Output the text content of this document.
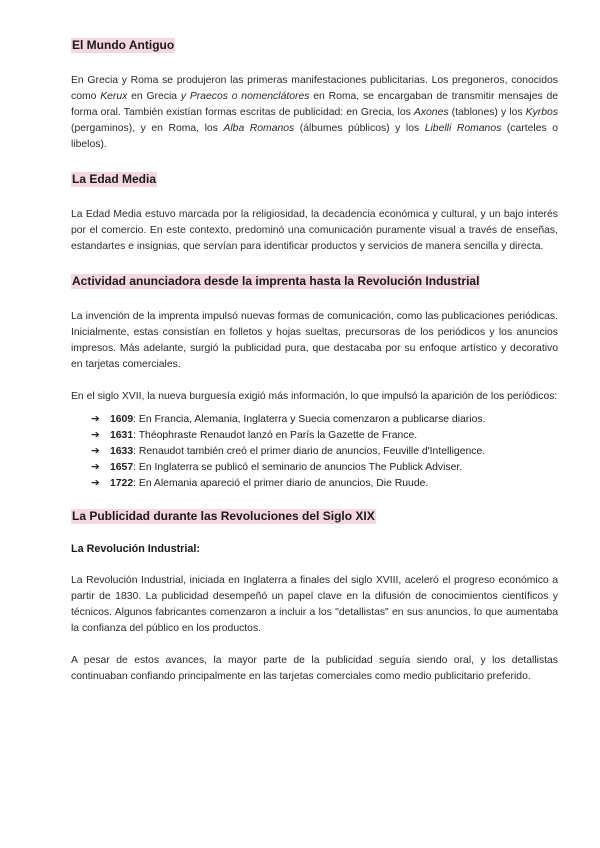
El Mundo Antiguo

En Grecia y Roma se produjeron las primeras manifestaciones publicitarias. Los pregoneros, conocidos como Kerux en Grecia y Praecos o nomenclátores en Roma, se encargaban de transmitir mensajes de forma oral. También existían formas escritas de publicidad: en Grecia, los Axones (tablones) y los Kyrbos (pergaminos), y en Roma, los Alba Romanos (álbumes públicos) y los Libelli Romanos (carteles o libelos).

La Edad Media

La Edad Media estuvo marcada por la religiosidad, la decadencia económica y cultural, y un bajo interés por el comercio. En este contexto, predominó una comunicación puramente visual a través de enseñas, estandartes e insignias, que servían para identificar productos y servicios de manera sencilla y directa.

Actividad anunciadora desde la imprenta hasta la Revolución Industrial

La invención de la imprenta impulsó nuevas formas de comunicación, como las publicaciones periódicas. Inicialmente, estas consistían en folletos y hojas sueltas, precursoras de los periódicos y los anuncios impresos. Más adelante, surgió la publicidad pura, que destacaba por su enfoque artístico y decorativo en tarjetas comerciales.

En el siglo XVII, la nueva burguesía exigió más información, lo que impulsó la aparición de los periódicos:

➔ 1609: En Francia, Alemania, Inglaterra y Suecia comenzaron a publicarse diarios.
➔ 1631: Théophraste Renaudot lanzó en París la Gazette de France.
➔ 1633: Renaudot también creó el primer diario de anuncios, Feuville d'Intelligence.
➔ 1657: En Inglaterra se publicó el seminario de anuncios The Publick Adviser.
➔ 1722: En Alemania apareció el primer diario de anuncios, Die Ruude.
La Publicidad durante las Revoluciones del Siglo XIX

La Revolución Industrial:

La Revolución Industrial, iniciada en Inglaterra a finales del siglo XVIII, aceleró el progreso económico a partir de 1830. La publicidad desempeñó un papel clave en la difusión de conocimientos científicos y técnicos. Algunos fabricantes comenzaron a incluir a los "detallistas" en sus anuncios, lo que aumentaba la confianza del público en los productos.

A pesar de estos avances, la mayor parte de la publicidad seguía siendo oral, y los detallistas continuaban confiando principalmente en las tarjetas comerciales como medio publicitario preferido.
